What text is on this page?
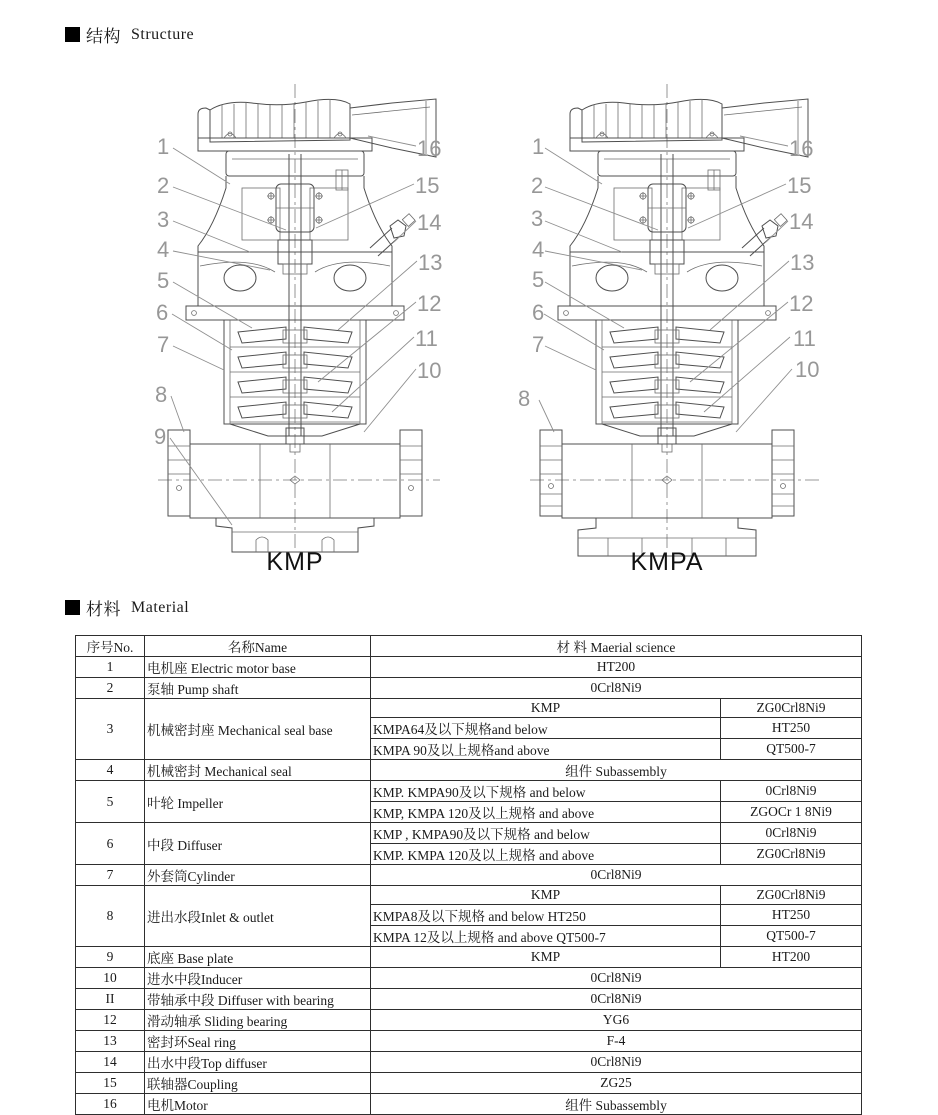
结构 Structure
1
2
3
4
5
6
7
8
9
16
15
14
13
12
11
10
1
2
3
4
5
6
7
8
16
15
14
13
12
11
10
KMP	KMPA
材料 Material
序号No.	名称Name	材 料 Maerial science	
1	电机座 Electric motor base	HT200	
2	泵轴 Pump shaft	0Crl8Ni9	
3	机械密封座 Mechanical seal base	KMP	ZG0Crl8Ni9
		KMPA64及以下规格and below	HT250
		KMPA 90及以上规格and above	QT500-7
4	机械密封 Mechanical seal	组件 Subassembly	
5	叶轮 Impeller	KMP. KMPA90及以下规格 and below	0Crl8Ni9
		KMP, KMPA 120及以上规格 and above	ZGOCr 1 8Ni9
6	中段 Diffuser	KMP , KMPA90及以下规格 and below	0Crl8Ni9
		KMP. KMPA 120及以上规格 and above	ZG0Crl8Ni9
7	外套筒Cylinder	0Crl8Ni9	
8	进出水段Inlet & outlet	KMP	ZG0Crl8Ni9
		KMPA8及以下规格 and below HT250	HT250
		KMPA 12及以上规格 and above QT500-7	QT500-7
9	底座 Base plate	KMP	HT200
10	进水中段Inducer	0Crl8Ni9	
II	带轴承中段 Diffuser with bearing	0Crl8Ni9	
12	滑动轴承 Sliding bearing	YG6	
13	密封环Seal ring	F-4	
14	出水中段Top diffuser	0Crl8Ni9	
15	联轴器Coupling	ZG25	
16	电机Motor	组件 Subassembly	
